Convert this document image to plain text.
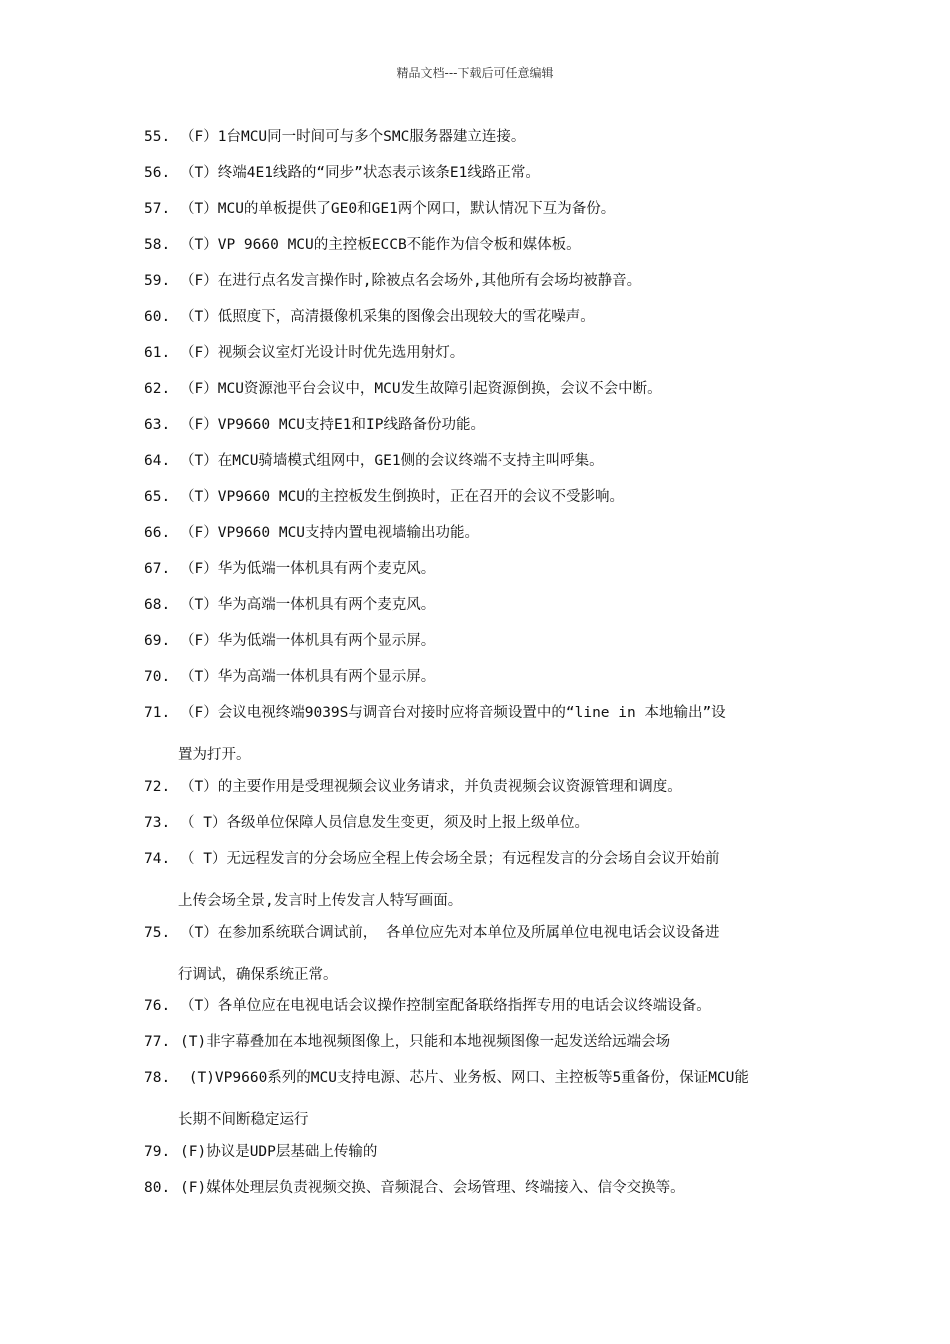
精品文档---下载后可任意编辑
55. （F）1台MCU同一时间可与多个SMC服务器建立连接。
56. （T）终端4E1线路的“同步”状态表示该条E1线路正常。
57. （T）MCU的单板提供了GE0和GE1两个网口，默认情况下互为备份。
58. （T）VP 9660 MCU的主控板ECCB不能作为信令板和媒体板。
59. （F）在进行点名发言操作时,除被点名会场外,其他所有会场均被静音。
60. （T）低照度下，高清摄像机采集的图像会出现较大的雪花噪声。
61. （F）视频会议室灯光设计时优先选用射灯。
62. （F）MCU资源池平台会议中，MCU发生故障引起资源倒换，会议不会中断。
63. （F）VP9660 MCU支持E1和IP线路备份功能。
64. （T）在MCU骑墙模式组网中，GE1侧的会议终端不支持主叫呼集。
65. （T）VP9660 MCU的主控板发生倒换时，正在召开的会议不受影响。
66. （F）VP9660 MCU支持内置电视墙输出功能。
67. （F）华为低端一体机具有两个麦克风。
68. （T）华为高端一体机具有两个麦克风。
69. （F）华为低端一体机具有两个显示屏。
70. （T）华为高端一体机具有两个显示屏。
71. （F）会议电视终端9039S与调音台对接时应将音频设置中的“line in 本地输出”设
置为打开。
72. （T）的主要作用是受理视频会议业务请求，并负责视频会议资源管理和调度。
73. （ T）各级单位保障人员信息发生变更，须及时上报上级单位。
74. （ T）无远程发言的分会场应全程上传会场全景；有远程发言的分会场自会议开始前
上传会场全景,发言时上传发言人特写画面。
75. （T）在参加系统联合调试前， 各单位应先对本单位及所属单位电视电话会议设备进
行调试，确保系统正常。
76. （T）各单位应在电视电话会议操作控制室配备联络指挥专用的电话会议终端设备。
77. (T)非字幕叠加在本地视频图像上，只能和本地视频图像一起发送给远端会场
78. (T)VP9660系列的MCU支持电源、芯片、业务板、网口、主控板等5重备份，保证MCU能
长期不间断稳定运行
79. (F)协议是UDP层基础上传输的
80. (F)媒体处理层负责视频交换、音频混合、会场管理、终端接入、信令交换等。
